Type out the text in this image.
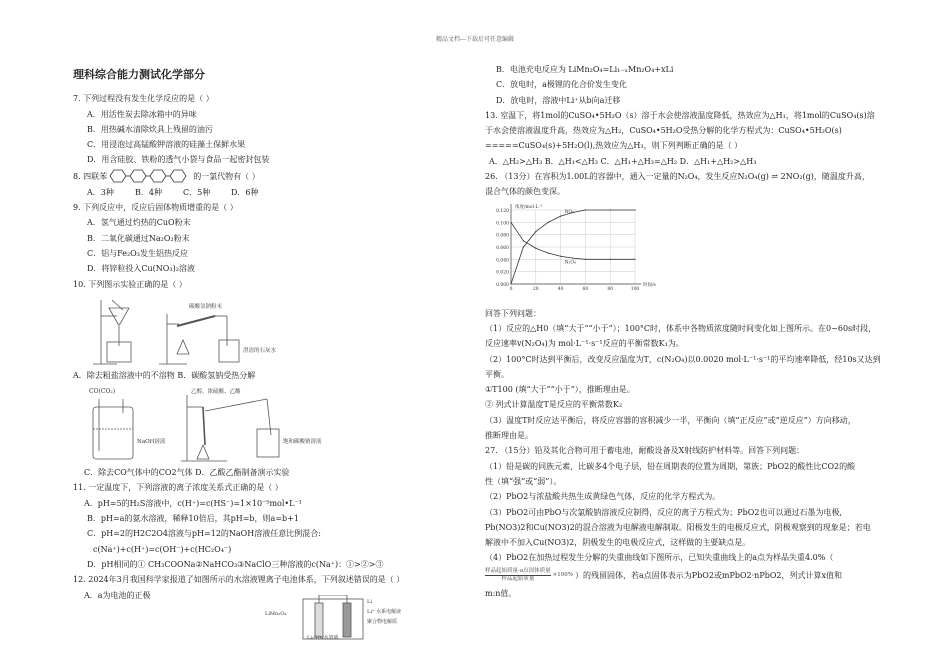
精品文档---下载后可任意编辑
理科综合能力测试化学部分
7. 下列过程没有发生化学反应的是（ ）
A．用活性炭去除冰箱中的异味
B．用热碱水清除炊具上残留的油污
C．用浸泡过高锰酸钾溶液的硅藻土保鲜水果
D．用含硅胶、铁粉的透气小袋与食品一起密封包装
8. 四联苯	的一氯代物有（ ）
A．3种	B．4种	C．5种	D．6种
9. 下列反应中，反应后固体物质增重的是（ ）
A．氢气通过灼热的CuO粉末
B．二氧化碳通过Na₂O₂粉末
C．铝与Fe₂O₃发生铝热反应
D．将锌粒投入Cu(NO₃)₂溶液
10. 下列图示实验正确的是（ ）
碳酸氢钠粉末
澄清的石灰水
A．除去粗盐溶液中的不溶物 B．碳酸氢钠受热分解
CO(CO₂)
NaOH溶液
乙醇、浓硫酸、乙酸
饱和碳酸钠溶液
C．除去CO气体中的CO2气体 D．乙酸乙酯制备演示实验
11. 一定温度下，下列溶液的离子浓度关系式正确的是（ ）
A．pH=5的H₂S溶液中，c(H⁺)=c(HS⁻)=1×10⁻⁵mol•L⁻¹
B．pH=a的氨水溶液，稀释10倍后，其pH=b，则a=b+1
C．pH=2的H2C2O4溶液与pH=12的NaOH溶液任意比例混合:
c(Na⁺)+c(H⁺)=c(OH⁻)+c(HC₂O₄⁻)
D．pH相同的① CH₃COONa②NaHCO₃③NaClO三种溶液的c(Na⁺)：①>②>③
12. 2024年3月我国科学家报道了如图所示的水溶液锂离子电池体系，下列叙述错误的是（ ）
A．a为电池的正极
LiMn₂O₄
Li
Li⁺ 水系电解液
聚合物电解质
Li₂SO₄水溶液
B．电池充电反应为 LiMn₂O₄=Li₁₋ₓMn₂O₄+xLi
C．放电时，a极锂的化合价发生变化
D．放电时，溶液中Li⁺从b向a迁移
13. 室温下，将1mol的CuSO₄•5H₂O（s）溶于水会使溶液温度降低，热效应为△H₁，将1mol的CuSO₄(s)溶
于水会使溶液温度升高，热效应为△H₂，CuSO₄•5H₂O受热分解的化学方程式为：CuSO₄•5H₂O(s)
=====CuSO₄(s)+5H₂O(l),热效应为△H₃，则下列判断正确的是（ ）
A．△H₂>△H₃ B．△H₁<△H₃ C．△H₁+△H₃=△H₂ D．△H₁+△H₂>△H₃
26. （13分）在容积为1.00L的容器中，通入一定量的N₂O₄，发生反应N₂O₄(g) ⇌ 2NO₂(g)，随温度升高，
混合气体的颜色变深。
0.120
0.100
0.080
0.060
0.040
0.020
0.000
0	20	40	60	80	100
浓度/mol·L⁻¹
时间/s
NO₂
N₂O₄
回答下列问题：
（1）反应的△H0（填“大于”“小于”）；100°C时，体系中各物质浓度随时间变化如上图所示。在0~60s时段，
反应速率v(N₂O₄)为 mol·L⁻¹·s⁻¹反应的平衡常数K₁为。
（2）100°C时达到平衡后，改变反应温度为T，c(N₂O₄)以0.0020 mol·L⁻¹·s⁻¹的平均速率降低，经10s又达到
平衡。
①T100 (填“大于”“小于”），推断理由是。
② 列式计算温度T是反应的平衡常数K₂
（3）温度T时反应达平衡后，将反应容器的容积减少一半，平衡向（填“正反应”或“逆反应”）方向移动，
推断理由是。
27. （15分）铅及其化合物可用于蓄电池，耐酸设备及X射线防护材料等。回答下列问题：
（1）铅是碳的同族元素，比碳多4个电子层，铅在周期表的位置为周期，第族；PbO2的酸性比CO2的酸
性（填“强”或“弱”）。
（2）PbO2与浓盐酸共热生成黄绿色气体，反应的化学方程式为。
（3）PbO2可由PbO与次氯酸钠溶液反应制得，反应的离子方程式为；PbO2也可以通过石墨为电极,
Pb(NO3)2和Cu(NO3)2的混合溶液为电解液电解制取。阳极发生的电极反应式，阴极观察到的现象是；若电
解液中不加入Cu(NO3)2，阴极发生的电极反应式，这样做的主要缺点是。
（4）PbO2在加热过程发生分解的失重曲线如下图所示，已知失重曲线上的a点为样品失重4.0%（
样品起始质量-a点固体质量
样品起始质量
×100% ）的残留固体，若a点固体表示为PbO2或mPbO2·nPbO2，列式计算x值和
m:n值。
